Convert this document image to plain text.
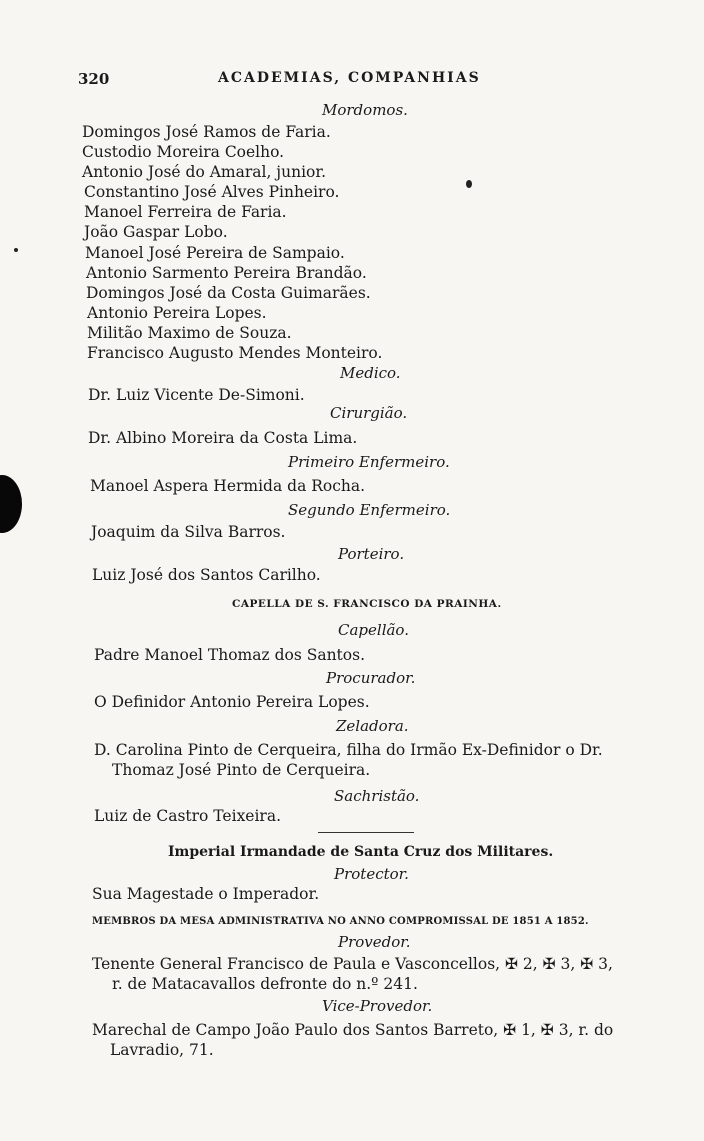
320	ACADEMIAS, COMPANHIAS
Mordomos.
Domingos José Ramos de Faria.
Custodio Moreira Coelho.
Antonio José do Amaral, junior.
Constantino José Alves Pinheiro.
Manoel Ferreira de Faria.
João Gaspar Lobo.
Manoel José Pereira de Sampaio.
Antonio Sarmento Pereira Brandão.
Domingos José da Costa Guimarães.
Antonio Pereira Lopes.
Militão Maximo de Souza.
Francisco Augusto Mendes Monteiro.
Medico.
Dr. Luiz Vicente De-Simoni.
Cirurgião.
Dr. Albino Moreira da Costa Lima.
Primeiro Enfermeiro.
Manoel Aspera Hermida da Rocha.
Segundo Enfermeiro.
Joaquim da Silva Barros.
Porteiro.
Luiz José dos Santos Carilho.
CAPELLA DE S. FRANCISCO DA PRAINHA.
Capellão.
Padre Manoel Thomaz dos Santos.
Procurador.
O Definidor Antonio Pereira Lopes.
Zeladora.
D. Carolina Pinto de Cerqueira, filha do Irmão Ex-Definidor o Dr.
Thomaz José Pinto de Cerqueira.
Sachristão.
Luiz de Castro Teixeira.
Imperial Irmandade de Santa Cruz dos Militares.
Protector.
Sua Magestade o Imperador.
MEMBROS DA MESA ADMINISTRATIVA NO ANNO COMPROMISSAL DE 1851 A 1852.
Provedor.
Tenente General Francisco de Paula e Vasconcellos, ✠ 2, ✠ 3, ✠ 3,
r. de Matacavallos defronte do n.º 241.
Vice-Provedor.
Marechal de Campo João Paulo dos Santos Barreto, ✠ 1, ✠ 3, r. do
Lavradio, 71.
